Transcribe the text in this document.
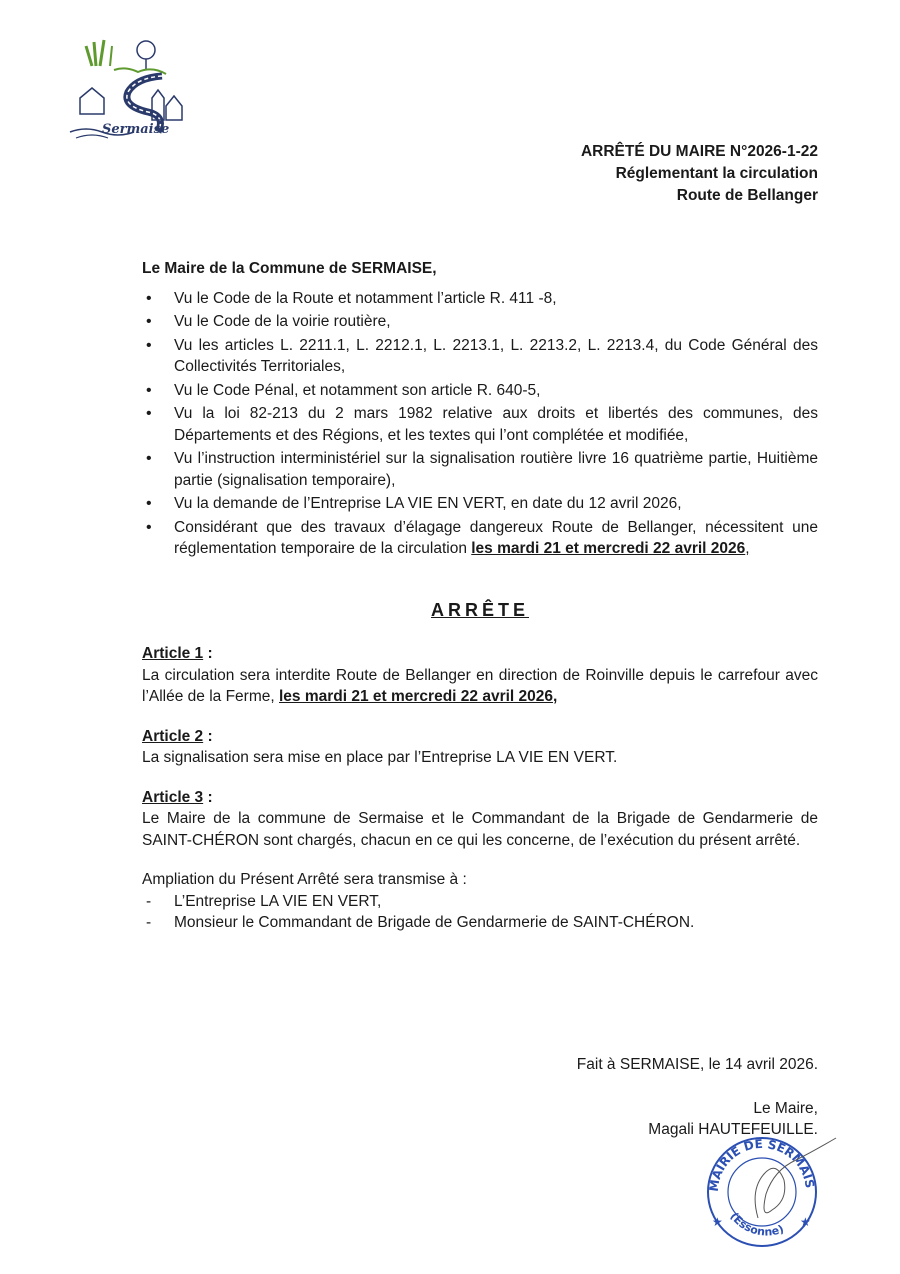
Sermaise
ARRÊTÉ DU MAIRE N°2026-1-22
Réglementant la circulation
Route de Bellanger
Le Maire de la Commune de SERMAISE,
• Vu le Code de la Route et notamment l’article R. 411 -8,
• Vu le Code de la voirie routière,
• Vu les articles L. 2211.1, L. 2212.1, L. 2213.1, L. 2213.2, L. 2213.4, du Code Général des Collectivités Territoriales,
• Vu le Code Pénal, et notamment son article R. 640-5,
• Vu la loi 82-213 du 2 mars 1982 relative aux droits et libertés des communes, des Départements et des Régions, et les textes qui l’ont complétée et modifiée,
• Vu l’instruction interministériel sur la signalisation routière livre 16 quatrième partie, Huitième partie (signalisation temporaire),
• Vu la demande de l’Entreprise LA VIE EN VERT, en date du 12 avril 2026,
• Considérant que des travaux d’élagage dangereux Route de Bellanger, nécessitent une réglementation temporaire de la circulation les mardi 21 et mercredi 22 avril 2026,
ARRÊTE
Article 1 :
La circulation sera interdite Route de Bellanger en direction de Roinville depuis le carrefour avec l’Allée de la Ferme, les mardi 21 et mercredi 22 avril 2026,
Article 2 :
La signalisation sera mise en place par l’Entreprise LA VIE EN VERT.
Article 3 :
Le Maire de la commune de Sermaise et le Commandant de la Brigade de Gendarmerie de SAINT-CHÉRON sont chargés, chacun en ce qui les concerne, de l’exécution du présent arrêté.
Ampliation du Présent Arrêté sera transmise à :
- L’Entreprise LA VIE EN VERT,
- Monsieur le Commandant de Brigade de Gendarmerie de SAINT-CHÉRON.
Fait à SERMAISE, le 14 avril 2026.
Le Maire,
Magali HAUTEFEUILLE.
MAIRIE DE SERMAIS
(Essonne)
★	★
